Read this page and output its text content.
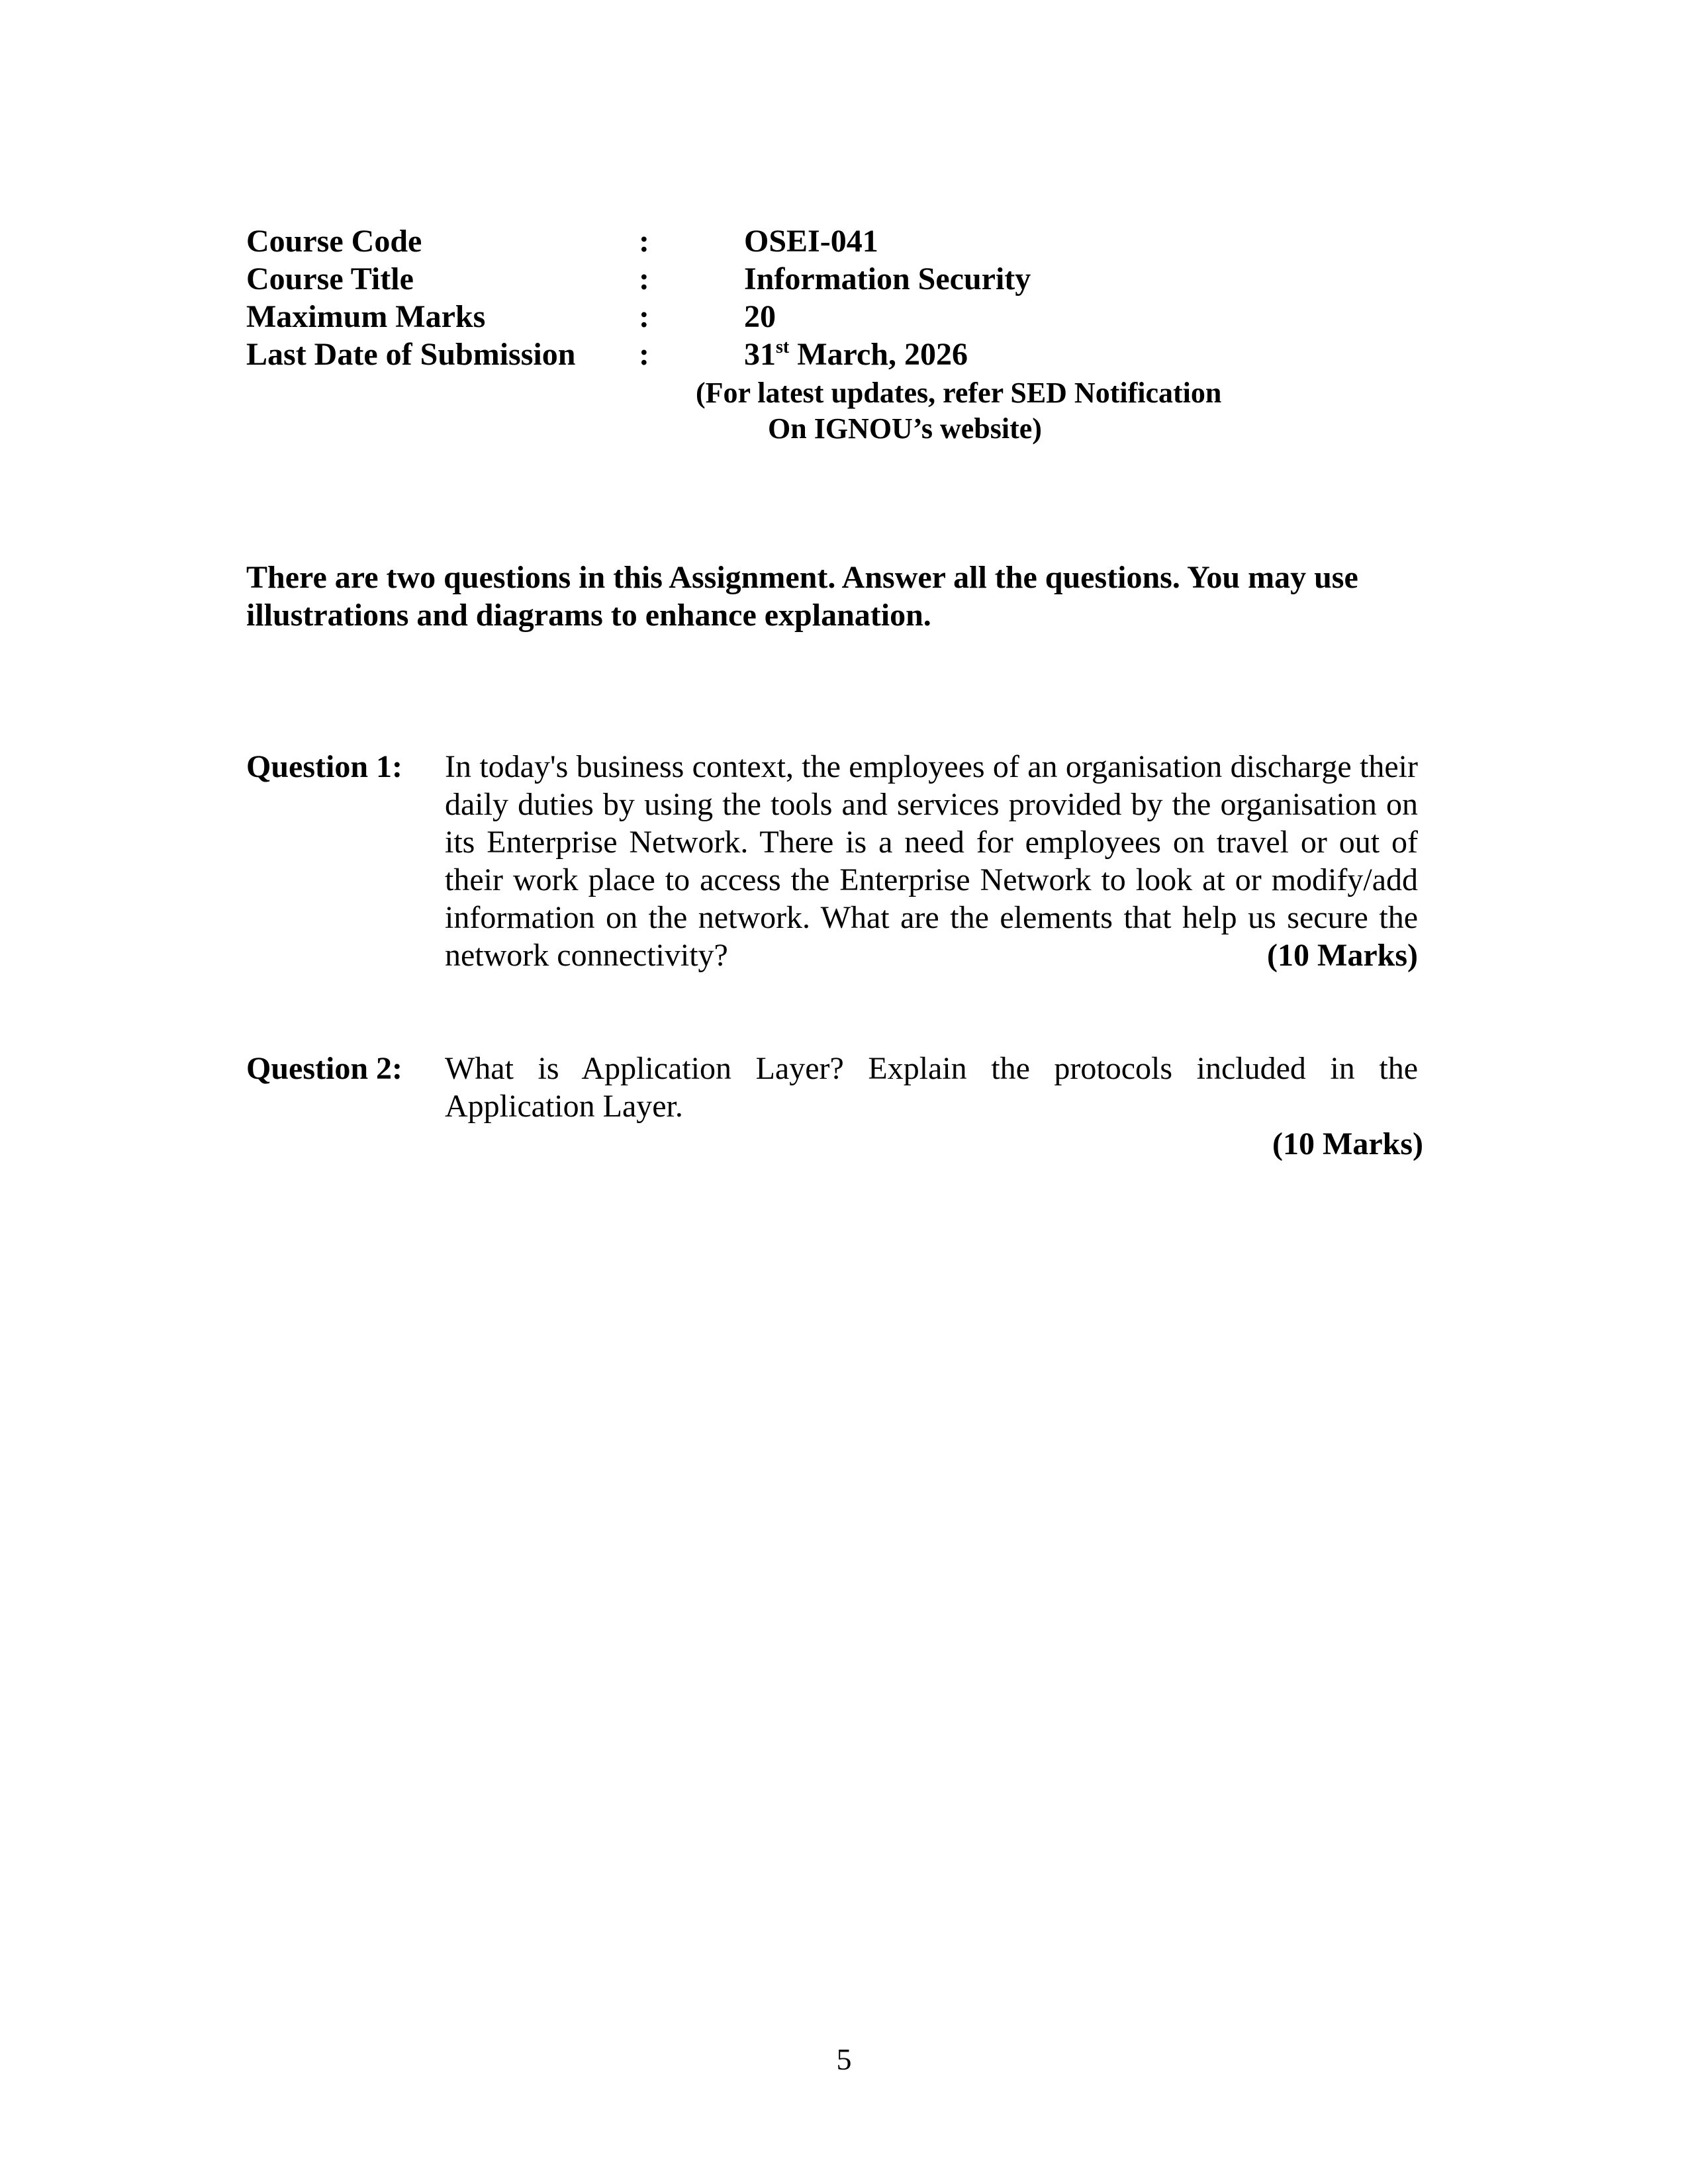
Course Code	:	OSEI-041
Course Title	:	Information Security
Maximum Marks	:	20
Last Date of Submission :	31st March, 2026
(For latest updates, refer SED Notification
On IGNOU’s website)
There are two questions in this Assignment. Answer all the questions. You may use illustrations and diagrams to enhance explanation.
Question 1: In today's business context, the employees of an organisation discharge their daily duties by using the tools and services provided by the organisation on its Enterprise Network. There is a need for employees on travel or out of their work place to access the Enterprise Network to look at or modify/add information on the network. What are the elements that help us secure the network connectivity?	(10 Marks)
Question 2: What is Application Layer? Explain the protocols included in the Application Layer.
(10 Marks)
5
